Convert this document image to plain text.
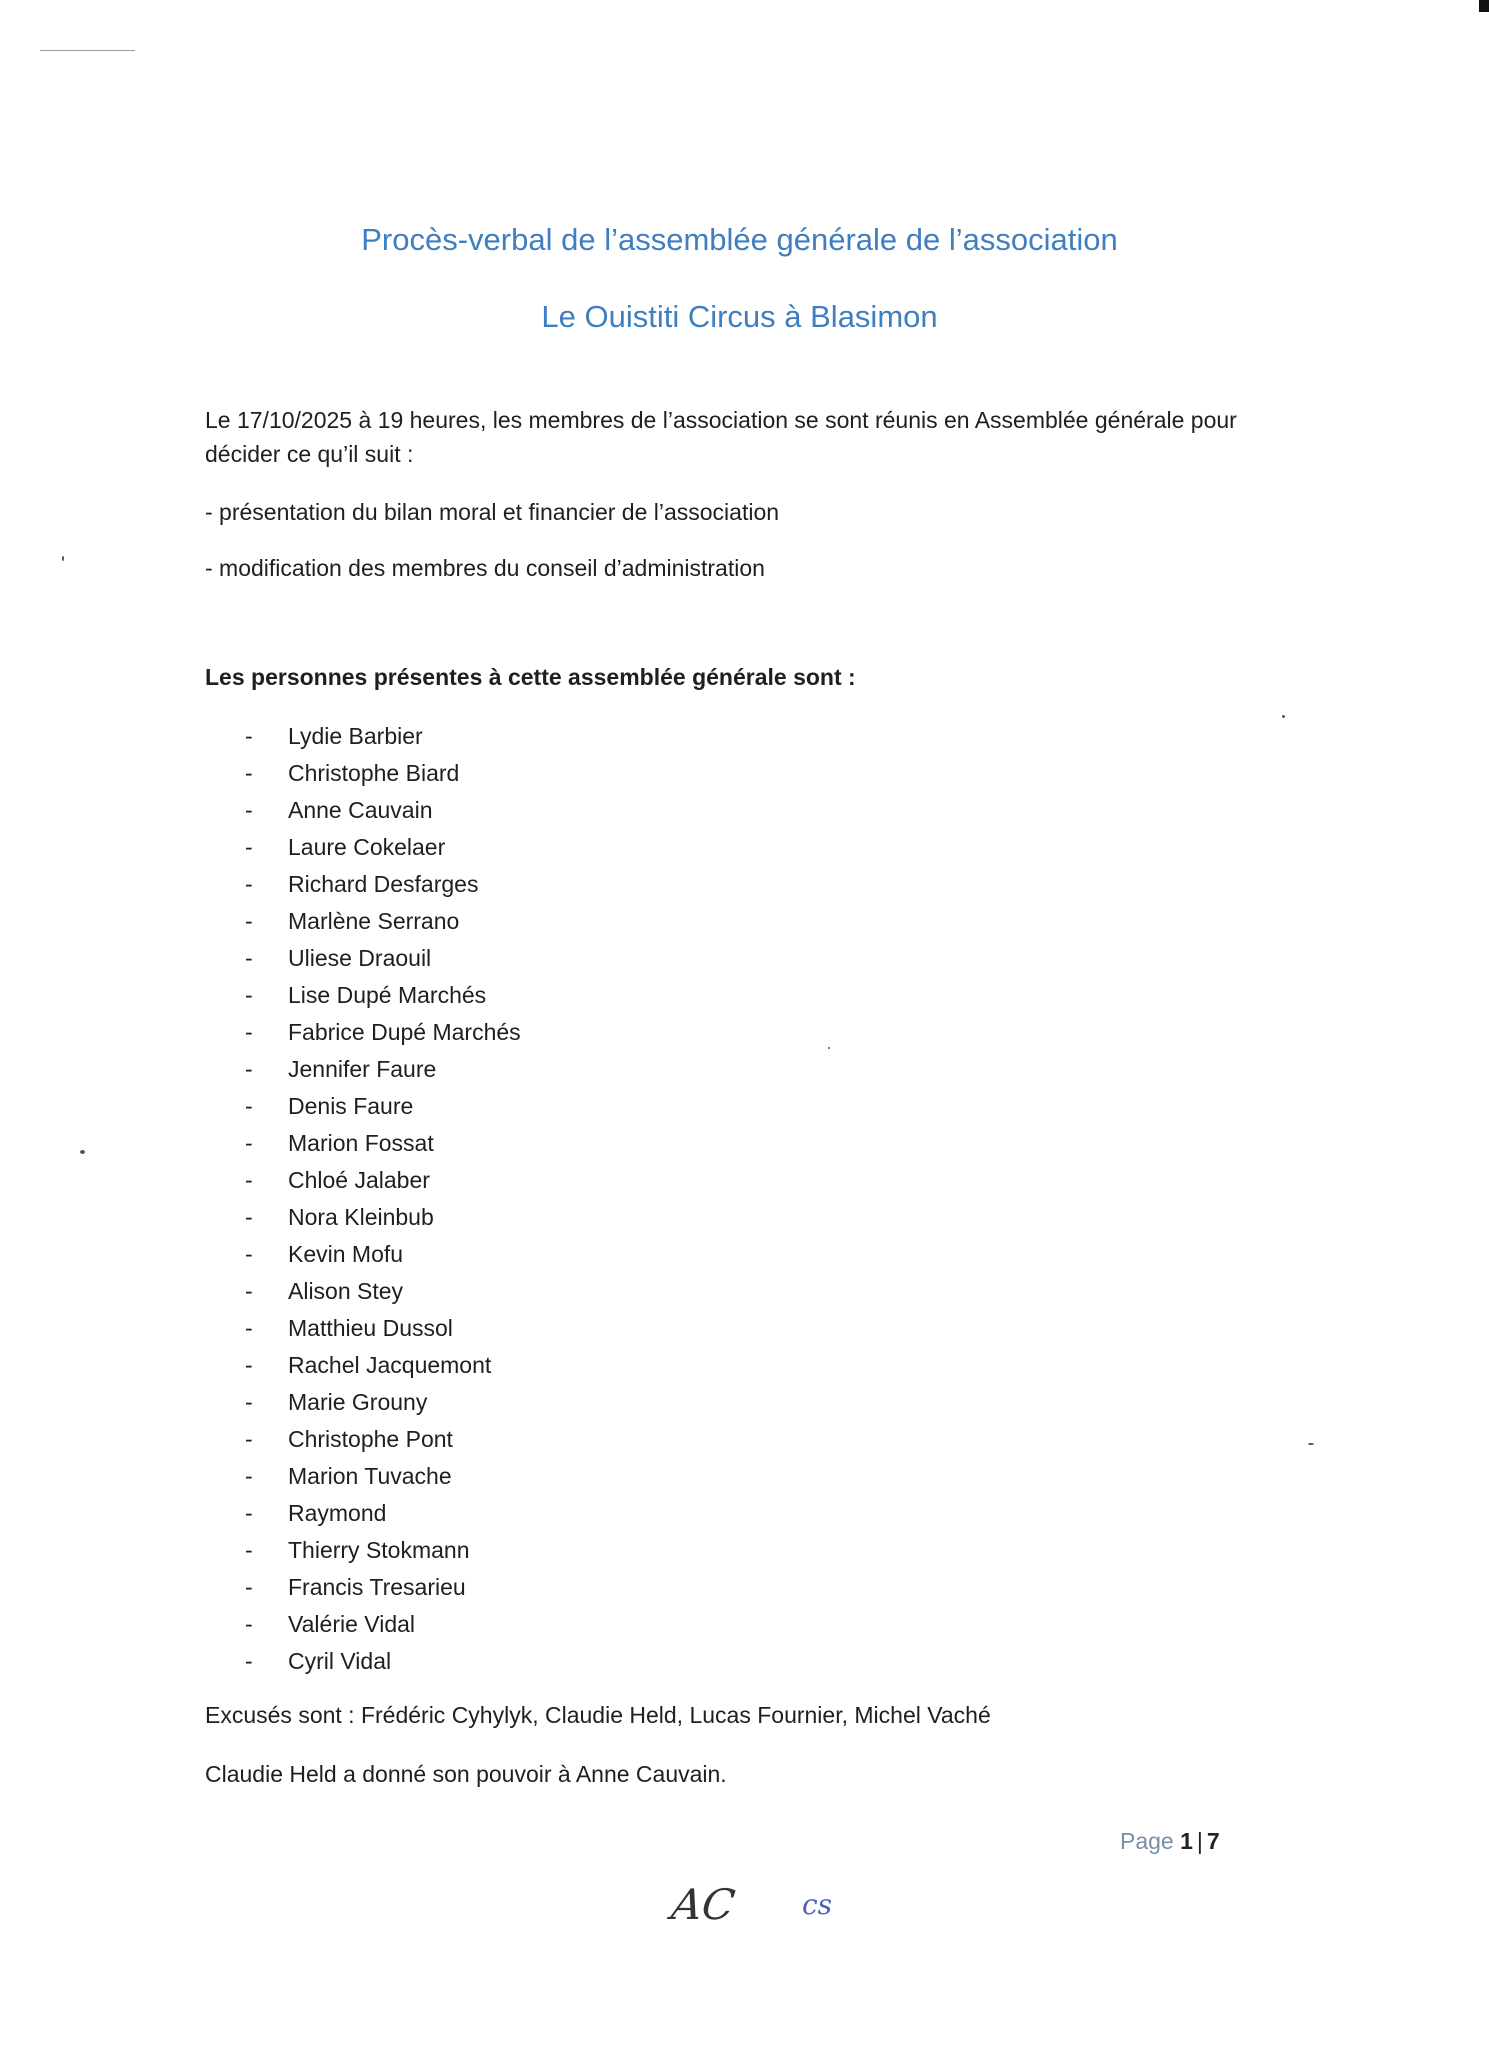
Procès-verbal de l’assemblée générale de l’association
Le Ouistiti Circus à Blasimon
Le 17/10/2025 à 19 heures, les membres de l’association se sont réunis en Assemblée générale pour décider ce qu’il suit :
- présentation du bilan moral et financier de l’association
- modification des membres du conseil d’administration
Les personnes présentes à cette assemblée générale sont :
- Lydie Barbier
- Christophe Biard
- Anne Cauvain
- Laure Cokelaer
- Richard Desfarges
- Marlène Serrano
- Uliese Draouil
- Lise Dupé Marchés
- Fabrice Dupé Marchés
- Jennifer Faure
- Denis Faure
- Marion Fossat
- Chloé Jalaber
- Nora Kleinbub
- Kevin Mofu
- Alison Stey
- Matthieu Dussol
- Rachel Jacquemont
- Marie Grouny
- Christophe Pont
- Marion Tuvache
- Raymond
- Thierry Stokmann
- Francis Tresarieu
- Valérie Vidal
- Cyril Vidal
Excusés sont : Frédéric Cyhylyk, Claudie Held, Lucas Fournier, Michel Vaché
Claudie Held a donné son pouvoir à Anne Cauvain.
Page 1 | 7
AC cs
